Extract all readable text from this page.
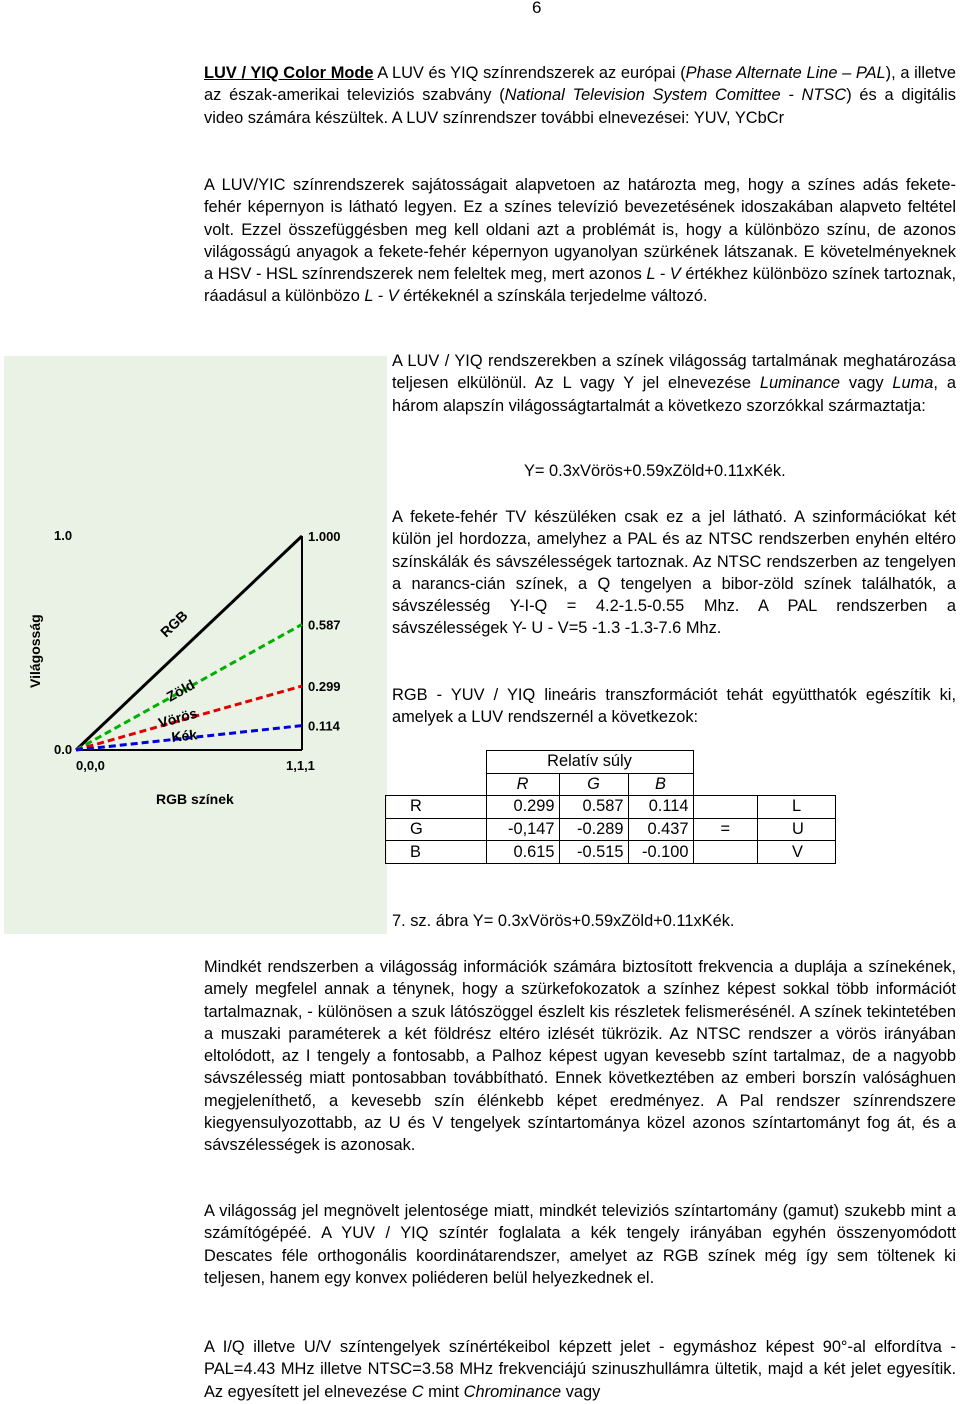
6

LUV / YIQ Color Mode A LUV és YIQ színrendszerek az európai (Phase Alternate Line – PAL), a illetve az észak-amerikai televiziós szabvány (National Television System Comittee - NTSC) és a digitális video számára készültek. A LUV színrendszer további elnevezései: YUV, YCbCr

A LUV/YIC színrendszerek sajátosságait alapvetoen az határozta meg, hogy a színes adás fekete-fehér képernyon is látható legyen. Ez a színes televízió bevezetésének idoszakában alapveto feltétel volt. Ezzel összefüggésben meg kell oldani azt a problémát is, hogy a különbözo színu, de azonos világosságú anyagok a fekete-fehér képernyon ugyanolyan szürkének látszanak. E követelményeknek a HSV - HSL színrendszerek nem feleltek meg, mert azonos L - V értékhez különbözo színek tartoznak, ráadásul a különbözo L - V értékeknél a színskála terjedelme változó.

0.0
1.0
0,0,0	1,1,1
RGB színek
Világosság
1.000
RGB	0.587
Zöld	0.299
Vörös	0.114
Kék

A LUV / YIQ rendszerekben a színek világosság tartalmának meghatározása teljesen elkülönül. Az L vagy Y jel elnevezése Luminance vagy Luma, a három alapszín világosságtartalmát a következo szorzókkal származtatja:

Y= 0.3xVörös+0.59xZöld+0.11xKék.

A fekete-fehér TV készüléken csak ez a jel látható. A szinformációkat két külön jel hordozza, amelyhez a PAL és az NTSC rendszerben enyhén eltéro színskálák és sávszélességek tartoznak. Az NTSC rendszerben az tengelyen a narancs-cián színek, a Q tengelyen a bibor-zöld színek találhatók, a sávszélesség Y-I-Q = 4.2-1.5-0.55 Mhz. A PAL rendszerben a sávszélességek Y- U - V=5 -1.3 -1.3-7.6 Mhz.

RGB - YUV / YIQ lineáris transzformációt tehát együtthatók egészítik ki, amelyek a LUV rendszernél a következok:

	Relatív súly				
	R	G	B		
R	0.299	0.587	0.114		L
G	-0,147	-0.289	0.437	=	U
B	0.615	-0.515	-0.100		V
7. sz. ábra Y= 0.3xVörös+0.59xZöld+0.11xKék.

Mindkét rendszerben a világosság információk számára biztosított frekvencia a duplája a színekének, amely megfelel annak a ténynek, hogy a szürkefokozatok a színhez képest sokkal több információt tartalmaznak, - különösen a szuk látószöggel észlelt kis részletek felismerésénél. A színek tekintetében a muszaki paraméterek a két földrész eltéro izlését tükrözik. Az NTSC rendszer a vörös irányában eltolódott, az I tengely a fontosabb, a Palhoz képest ugyan kevesebb színt tartalmaz, de a nagyobb sávszélesség miatt pontosabban továbbítható. Ennek következtében az emberi borszín valósághuen megjeleníthető, a kevesebb szín élénkebb képet eredményez. A Pal rendszer színrendszere kiegyensulyozottabb, az U és V tengelyek színtartománya közel azonos színtartományt fog át, és a sávszélességek is azonosak.

A világosság jel megnövelt jelentosége miatt, mindkét televiziós színtartomány (gamut) szukebb mint a számítógépéé. A YUV / YIQ színtér foglalata a kék tengely irányában egyhén összenyomódott Descates féle orthogonális koordinátarendszer, amelyet az RGB színek még így sem töltenek ki teljesen, hanem egy konvex poliéderen belül helyezkednek el.

A I/Q illetve U/V színtengelyek színértékeibol képzett jelet - egymáshoz képest 90°-al elfordítva - PAL=4.43 MHz illetve NTSC=3.58 MHz frekvenciájú szinuszhullámra ültetik, majd a két jelet egyesítik. Az egyesített jel elnevezése C mint Chrominance vagy
